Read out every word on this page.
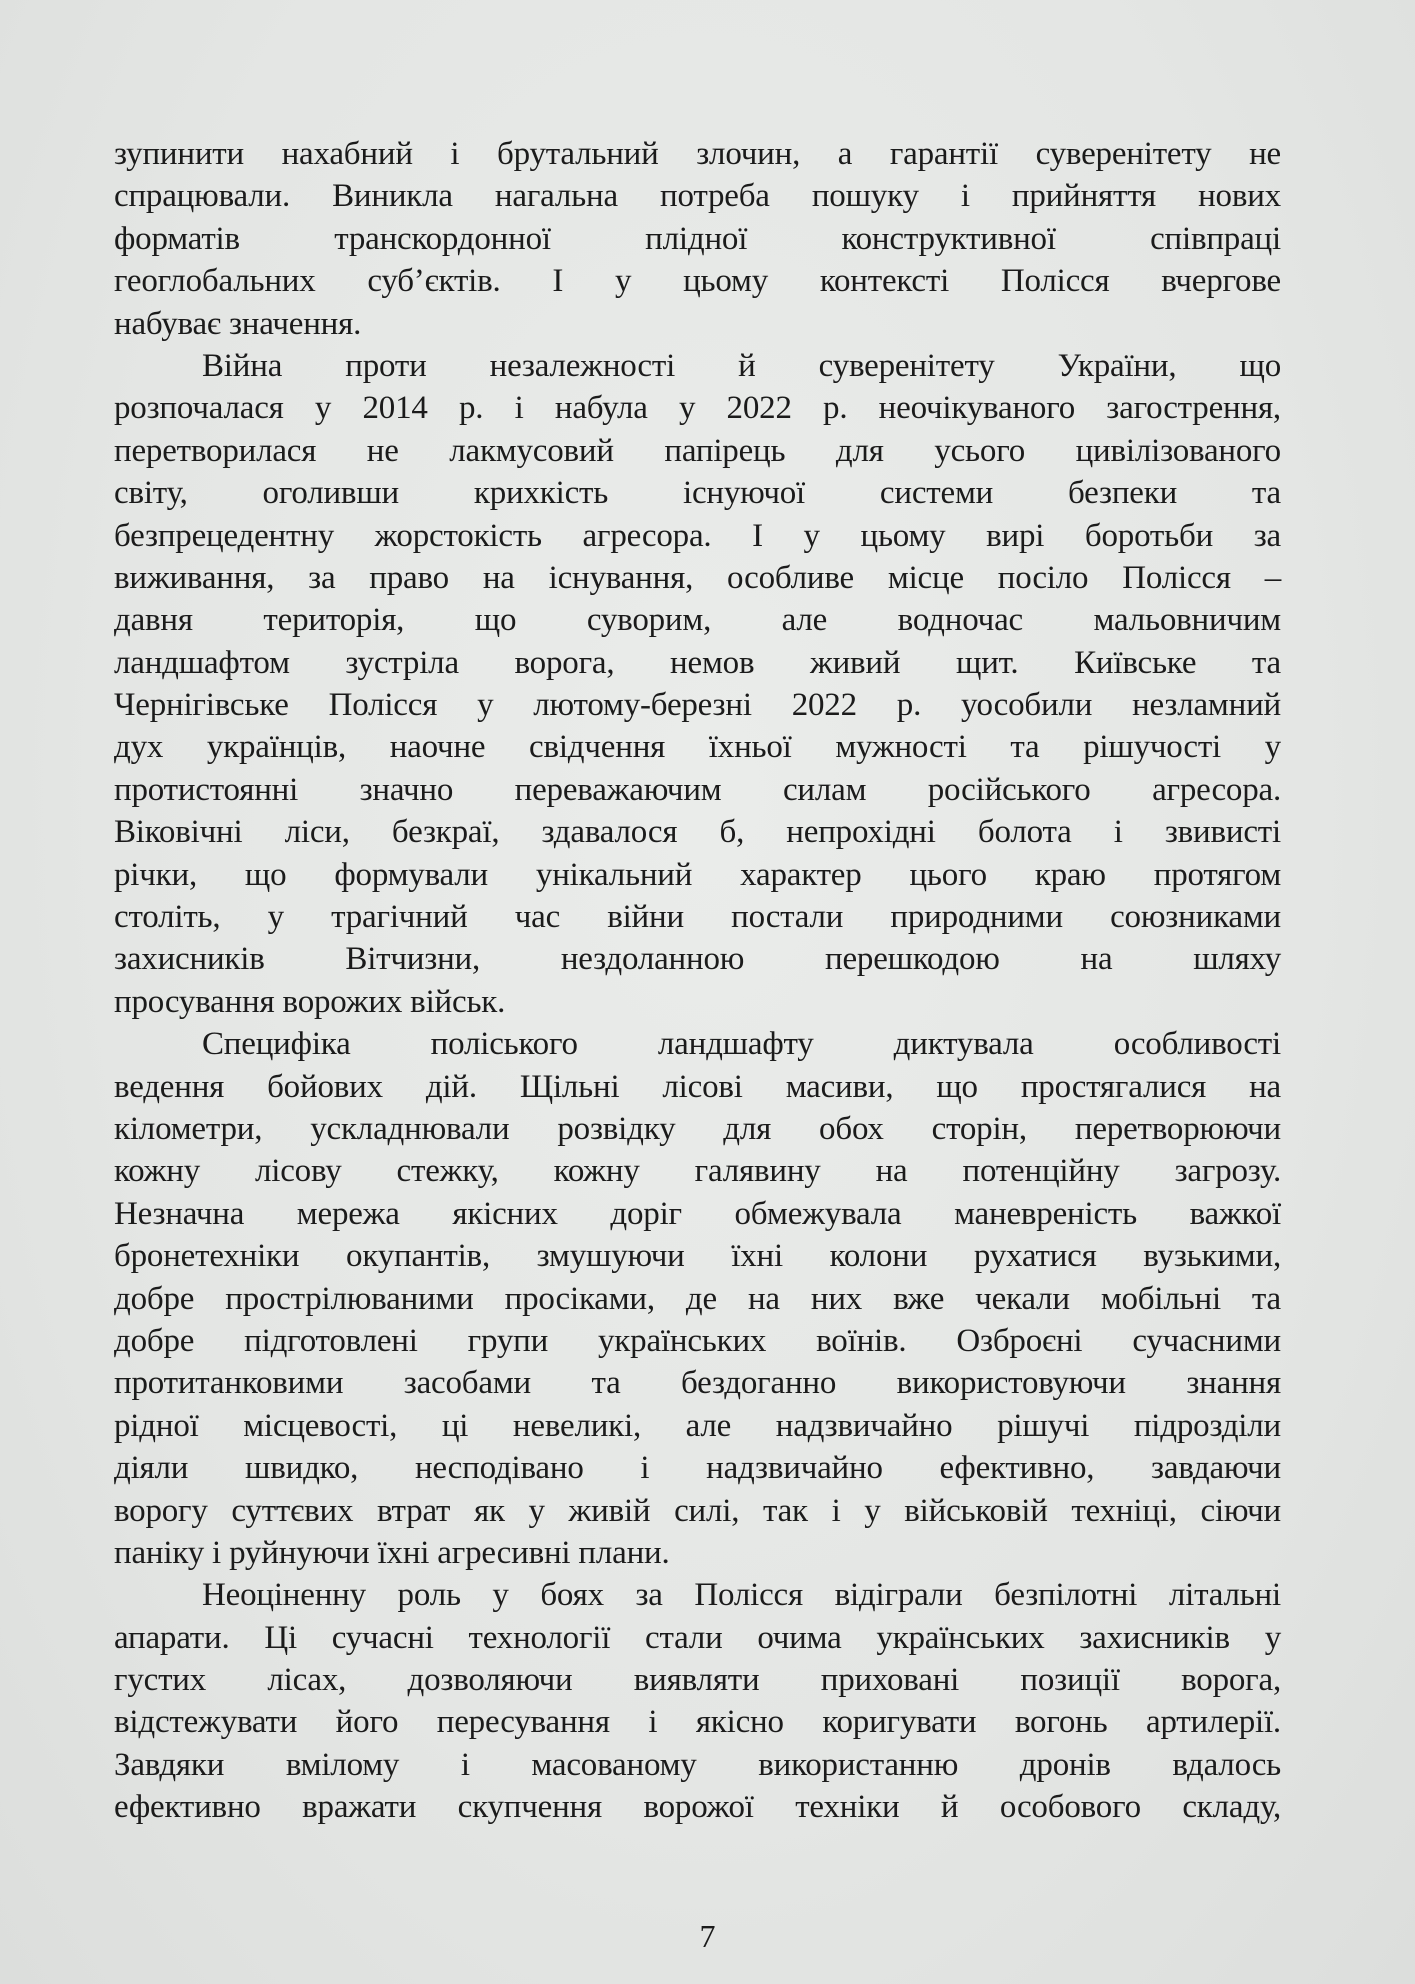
зупинити нахабний і брутальний злочин, а гарантії суверенітету не
спрацювали. Виникла нагальна потреба пошуку і прийняття нових
форматів транскордонної плідної конструктивної співпраці
геоглобальних суб’єктів. І у цьому контексті Полісся вчергове
набуває значення.
Війна проти незалежності й суверенітету України, що
розпочалася у 2014 р. і набула у 2022 р. неочікуваного загострення,
перетворилася не лакмусовий папірець для усього цивілізованого
світу, оголивши крихкість існуючої системи безпеки та
безпрецедентну жорстокість агресора. І у цьому вирі боротьби за
виживання, за право на існування, особливе місце посіло Полісся –
давня територія, що суворим, але водночас мальовничим
ландшафтом зустріла ворога, немов живий щит. Київське та
Чернігівське Полісся у лютому-березні 2022 р. уособили незламний
дух українців, наочне свідчення їхньої мужності та рішучості у
протистоянні значно переважаючим силам російського агресора.
Віковічні ліси, безкраї, здавалося б, непрохідні болота і звивисті
річки, що формували унікальний характер цього краю протягом
століть, у трагічний час війни постали природними союзниками
захисників Вітчизни, нездоланною перешкодою на шляху
просування ворожих військ.
Специфіка поліського ландшафту диктувала особливості
ведення бойових дій. Щільні лісові масиви, що простягалися на
кілометри, ускладнювали розвідку для обох сторін, перетворюючи
кожну лісову стежку, кожну галявину на потенційну загрозу.
Незначна мережа якісних доріг обмежувала маневреність важкої
бронетехніки окупантів, змушуючи їхні колони рухатися вузькими,
добре прострілюваними просіками, де на них вже чекали мобільні та
добре підготовлені групи українських воїнів. Озброєні сучасними
протитанковими засобами та бездоганно використовуючи знання
рідної місцевості, ці невеликі, але надзвичайно рішучі підрозділи
діяли швидко, несподівано і надзвичайно ефективно, завдаючи
ворогу суттєвих втрат як у живій силі, так і у військовій техніці, сіючи
паніку і руйнуючи їхні агресивні плани.
Неоціненну роль у боях за Полісся відіграли безпілотні літальні
апарати. Ці сучасні технології стали очима українських захисників у
густих лісах, дозволяючи виявляти приховані позиції ворога,
відстежувати його пересування і якісно коригувати вогонь артилерії.
Завдяки вмілому і масованому використанню дронів вдалось
ефективно вражати скупчення ворожої техніки й особового складу,
7
